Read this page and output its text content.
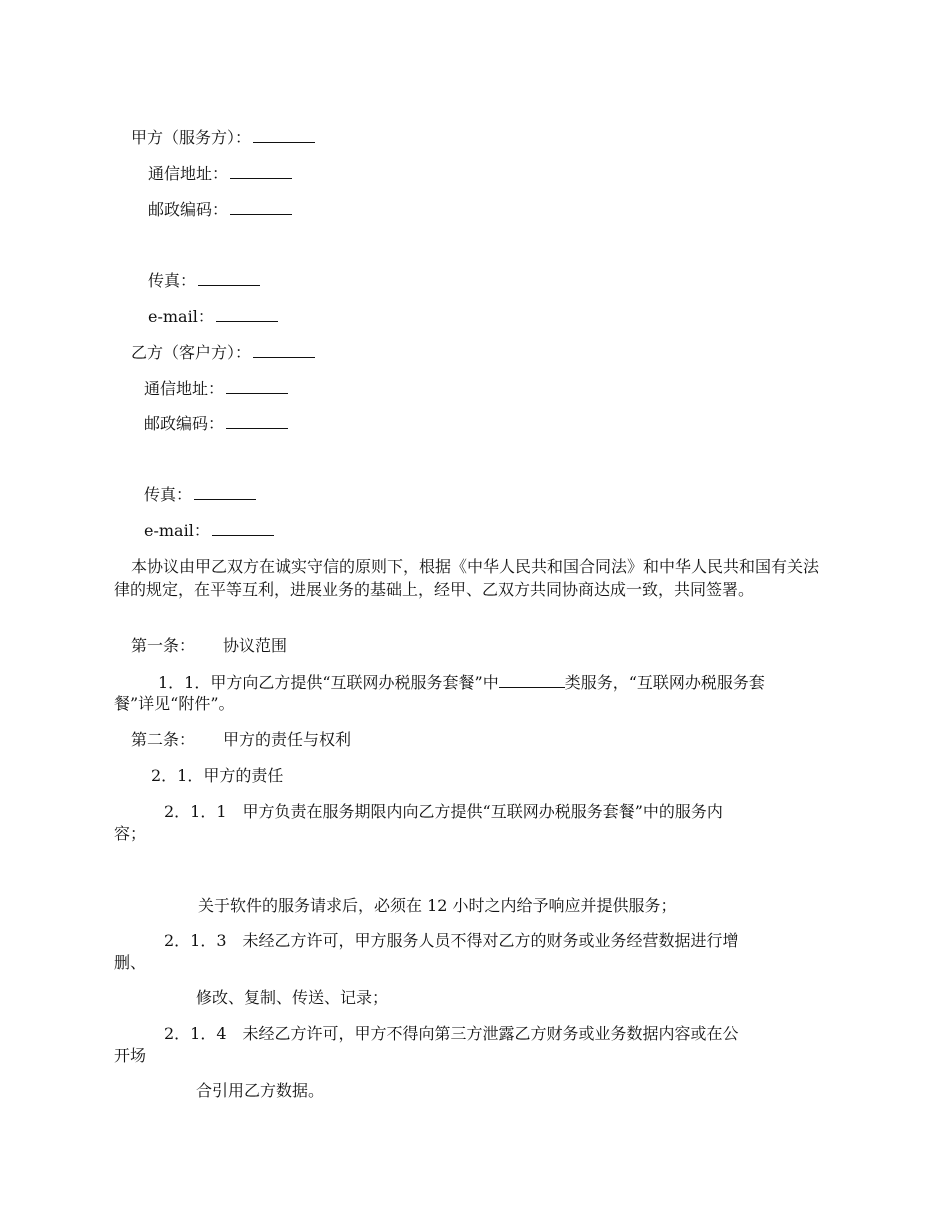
甲方（服务方）：
通信地址：
邮政编码：
传真：
e-mail：
乙方（客户方）：
通信地址：
邮政编码：
传真：
e-mail：
本协议由甲乙双方在诚实守信的原则下，根据《中华人民共和国合同法》和中华人民共和国有关法律的规定，在平等互利，进展业务的基础上，经甲、乙双方共同协商达成一致，共同签署。
第一条： 协议范围
1．1．甲方向乙方提供“互联网办税服务套餐”中	类服务，“互联网办税服务套
餐”详见“附件”。
第二条： 甲方的责任与权利
2．1．甲方的责任
2．1．1　甲方负责在服务期限内向乙方提供“互联网办税服务套餐”中的服务内
容；
关于软件的服务请求后，必须在 12 小时之内给予响应并提供服务；
2．1．3　未经乙方许可，甲方服务人员不得对乙方的财务或业务经营数据进行增
删、
修改、复制、传送、记录；
2．1．4　未经乙方许可，甲方不得向第三方泄露乙方财务或业务数据内容或在公
开场
合引用乙方数据。
